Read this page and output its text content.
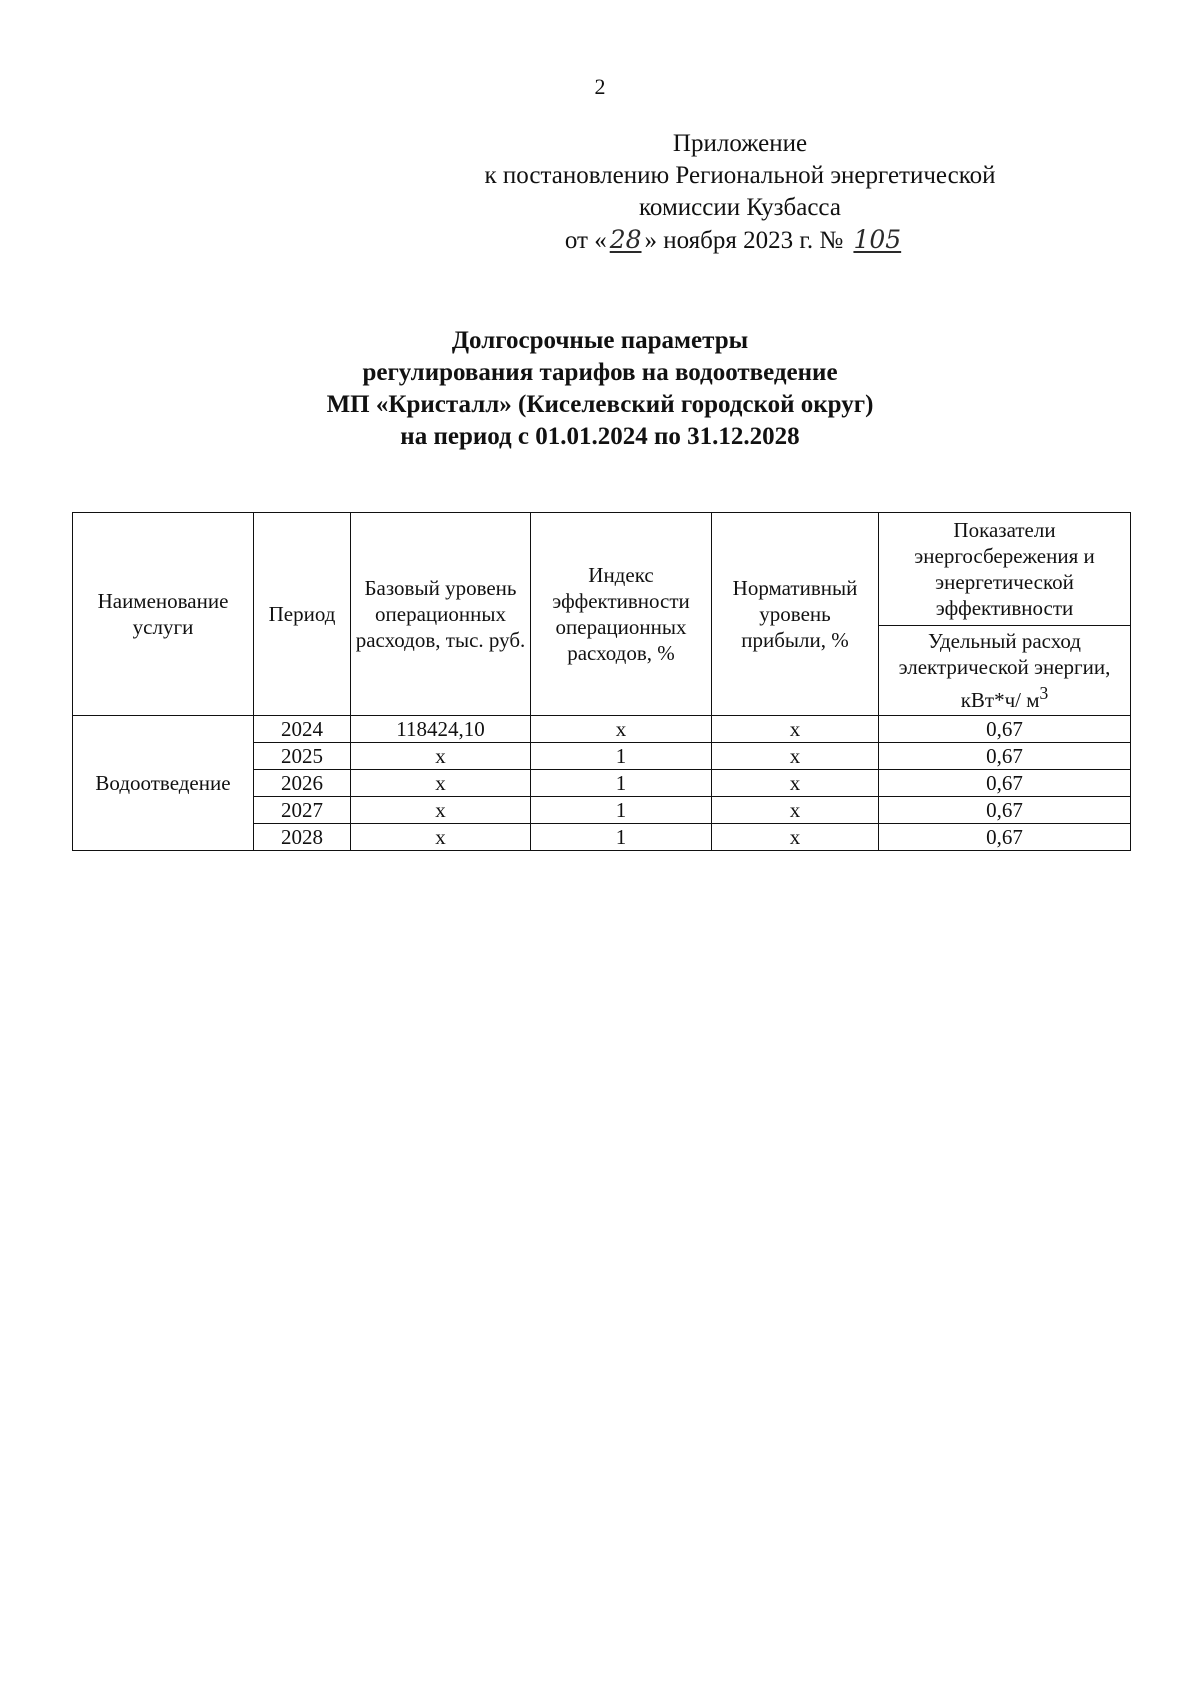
2
Приложение
к постановлению Региональной энергетической
комиссии Кузбасса
от « 28 » ноября 2023 г. № 105
Долгосрочные параметры
регулирования тарифов на водоотведение
МП «Кристалл» (Киселевский городской округ)
на период с 01.01.2024 по 31.12.2028
Наименование услуги	Период	Базовый уровень операционных расходов, тыс. руб.	Индекс эффективности операционных расходов, %	Нормативный уровень прибыли, %	Показатели энергосбережения и энергетической эффективности
					Удельный расход электрической энергии, кВт*ч/ $м^3$
Водоотведение	2024	118424,10	x	x	0,67
	2025	x	1	x	0,67
	2026	x	1	x	0,67
	2027	x	1	x	0,67
	2028	x	1	x	0,67
